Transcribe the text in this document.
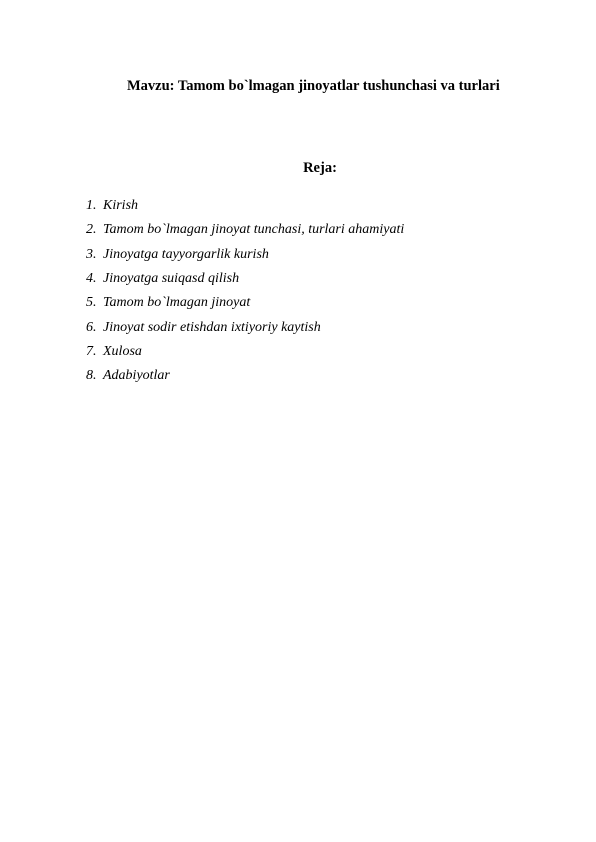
Mavzu: Tamom bo`lmagan jinoyatlar tushunchasi va turlari
Reja:
1. Kirish
2. Tamom bo`lmagan jinoyat tunchasi, turlari ahamiyati
3. Jinoyatga tayyorgarlik kurish
4. Jinoyatga suiqasd qilish
5. Tamom bo`lmagan jinoyat
6. Jinoyat sodir etishdan ixtiyoriy kaytish
7. Xulosa
8. Adabiyotlar
